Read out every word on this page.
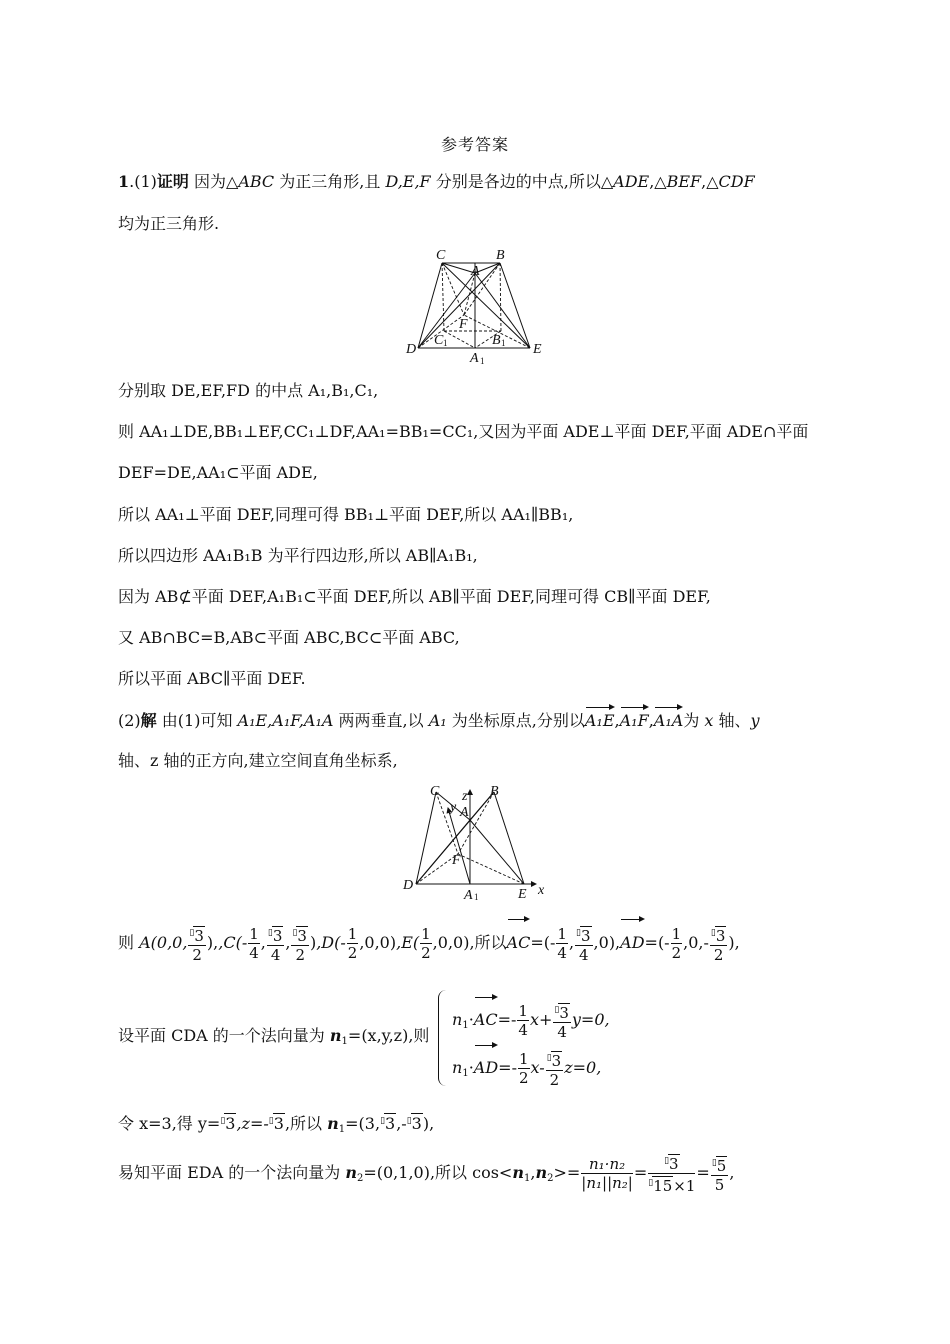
参考答案
1.(1)证明 因为△ABC 为正三角形,且 D,E,F 分别是各边的中点,所以△ADE,△BEF,△CDF
均为正三角形.
C	B
A
F
C 1	B 1
D	E
A 1
分别取 DE,EF,FD 的中点 A₁,B₁,C₁,
则 AA₁⊥DE,BB₁⊥EF,CC₁⊥DF,AA₁=BB₁=CC₁,又因为平面 ADE⊥平面 DEF,平面 ADE∩平面
DEF=DE,AA₁⊂平面 ADE,
所以 AA₁⊥平面 DEF,同理可得 BB₁⊥平面 DEF,所以 AA₁∥BB₁,
所以四边形 AA₁B₁B 为平行四边形,所以 AB∥A₁B₁,
因为 AB⊄平面 DEF,A₁B₁⊂平面 DEF,所以 AB∥平面 DEF,同理可得 CB∥平面 DEF,
又 AB∩BC=B,AB⊂平面 ABC,BC⊂平面 ABC,
所以平面 ABC∥平面 DEF.
(2)解 由(1)可知 A₁E,A₁F,A₁A 两两垂直,以 A₁ 为坐标原点,分别以A₁E,A₁F,A₁A为 x 轴、y
轴、z 轴的正方向,建立空间直角坐标系,
C
y
z
A
B
F
D
A 1	E x
则 A(0,0, $\frac{^▯3}{2} ),,C(- \frac{1}{4}$ , $\frac{^▯3}{4}$ , $\frac{^▯3}{2} ),D(- \frac{1}{2} ,0,0),E( \frac{1}{2} ,0,0)$,所以$AC=(- \frac{1}{4}$ , $\frac{^▯3}{4} ,0),AD=(- \frac{1}{2} ,0,- \frac{^▯3}{2}$ ),
设平面 CDA 的一个法向量为 $n_1=(x,y,z)$,则
$n_1\cdot AC=- \frac{1}{4} x+ \frac{^▯3}{4} y=0$,
$n_1\cdot AD=- \frac{1}{2} x- \frac{^▯3}{2} z=0$,
令 x=3,得 y=▯3,z=-▯3,所以 $n_1=(3,^▯3,-^▯3)$,
易知平面 EDA 的一个法向量为 $n_2=(0,1,0)$,所以 $\cos<n_1,n_2>= \frac{\text{n₁·n₂}}{\text{|n₁||n₂|}} = \frac{^▯3}{^▯15\times 1} = \frac{^▯5}{5}$ ,
